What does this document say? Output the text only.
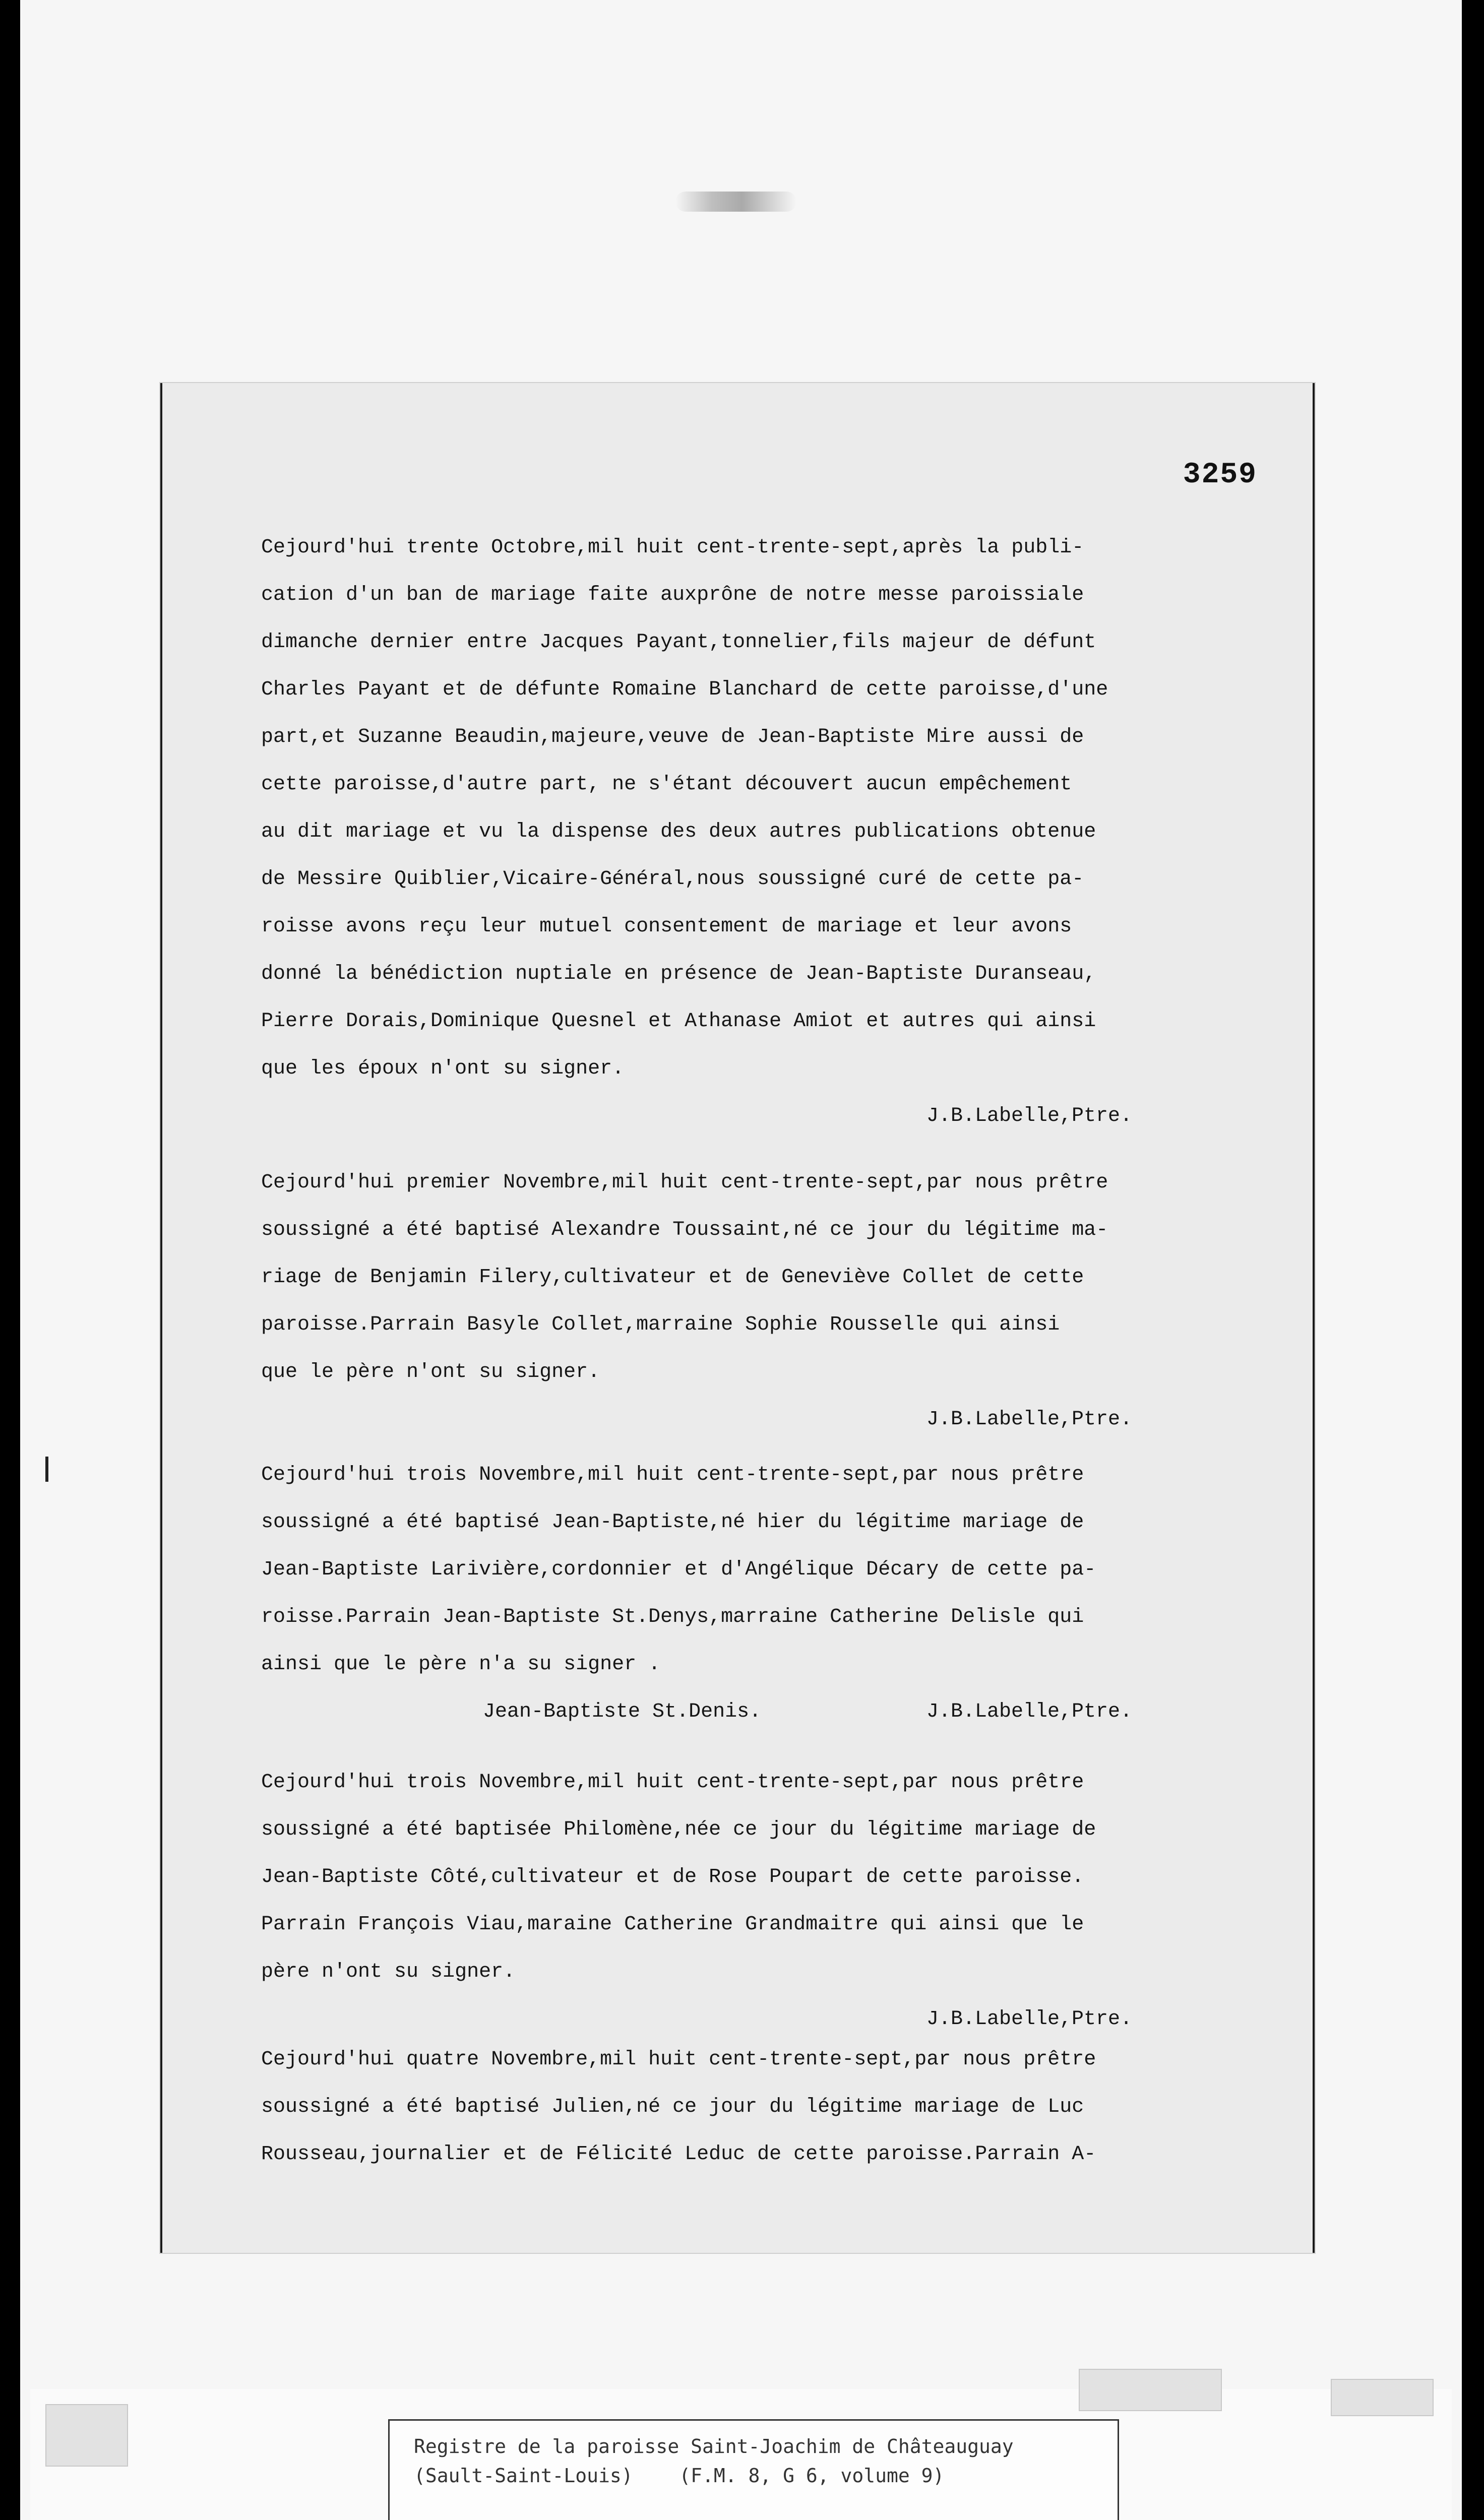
3259
Cejourd'hui trente Octobre,mil huit cent-trente-sept,après la publi-
cation d'un ban de mariage faite auxprône de notre messe paroissiale
dimanche dernier entre Jacques Payant,tonnelier,fils majeur de défunt
Charles Payant et de défunte Romaine Blanchard de cette paroisse,d'une
part,et Suzanne Beaudin,majeure,veuve de Jean-Baptiste Mire aussi de
cette paroisse,d'autre part, ne s'étant découvert aucun empêchement
au dit mariage et vu la dispense des deux autres publications obtenue
de Messire Quiblier,Vicaire-Général,nous soussigné curé de cette pa-
roisse avons reçu leur mutuel consentement de mariage et leur avons
donné la bénédiction nuptiale en présence de Jean-Baptiste Duranseau,
Pierre Dorais,Dominique Quesnel et Athanase Amiot et autres qui ainsi
que les époux n'ont su signer.
J.B.Labelle,Ptre.
Cejourd'hui premier Novembre,mil huit cent-trente-sept,par nous prêtre
soussigné a été baptisé Alexandre Toussaint,né ce jour du légitime ma-
riage de Benjamin Filery,cultivateur et de Geneviève Collet de cette
paroisse.Parrain Basyle Collet,marraine Sophie Rousselle qui ainsi
que le père n'ont su signer.
J.B.Labelle,Ptre.
Cejourd'hui trois Novembre,mil huit cent-trente-sept,par nous prêtre
soussigné a été baptisé Jean-Baptiste,né hier du légitime mariage de
Jean-Baptiste Larivière,cordonnier et d'Angélique Décary de cette pa-
roisse.Parrain Jean-Baptiste St.Denys,marraine Catherine Delisle qui
ainsi que le père n'a su signer .
Jean-Baptiste St.Denis.	J.B.Labelle,Ptre.
Cejourd'hui trois Novembre,mil huit cent-trente-sept,par nous prêtre
soussigné a été baptisée Philomène,née ce jour du légitime mariage de
Jean-Baptiste Côté,cultivateur et de Rose Poupart de cette paroisse.
Parrain François Viau,maraine Catherine Grandmaitre qui ainsi que le
père n'ont su signer.
J.B.Labelle,Ptre.
Cejourd'hui quatre Novembre,mil huit cent-trente-sept,par nous prêtre
soussigné a été baptisé Julien,né ce jour du légitime mariage de Luc
Rousseau,journalier et de Félicité Leduc de cette paroisse.Parrain A-
Registre de la paroisse Saint-Joachim de Châteauguay
(Sault-Saint-Louis)    (F.M. 8, G 6, volume 9)
